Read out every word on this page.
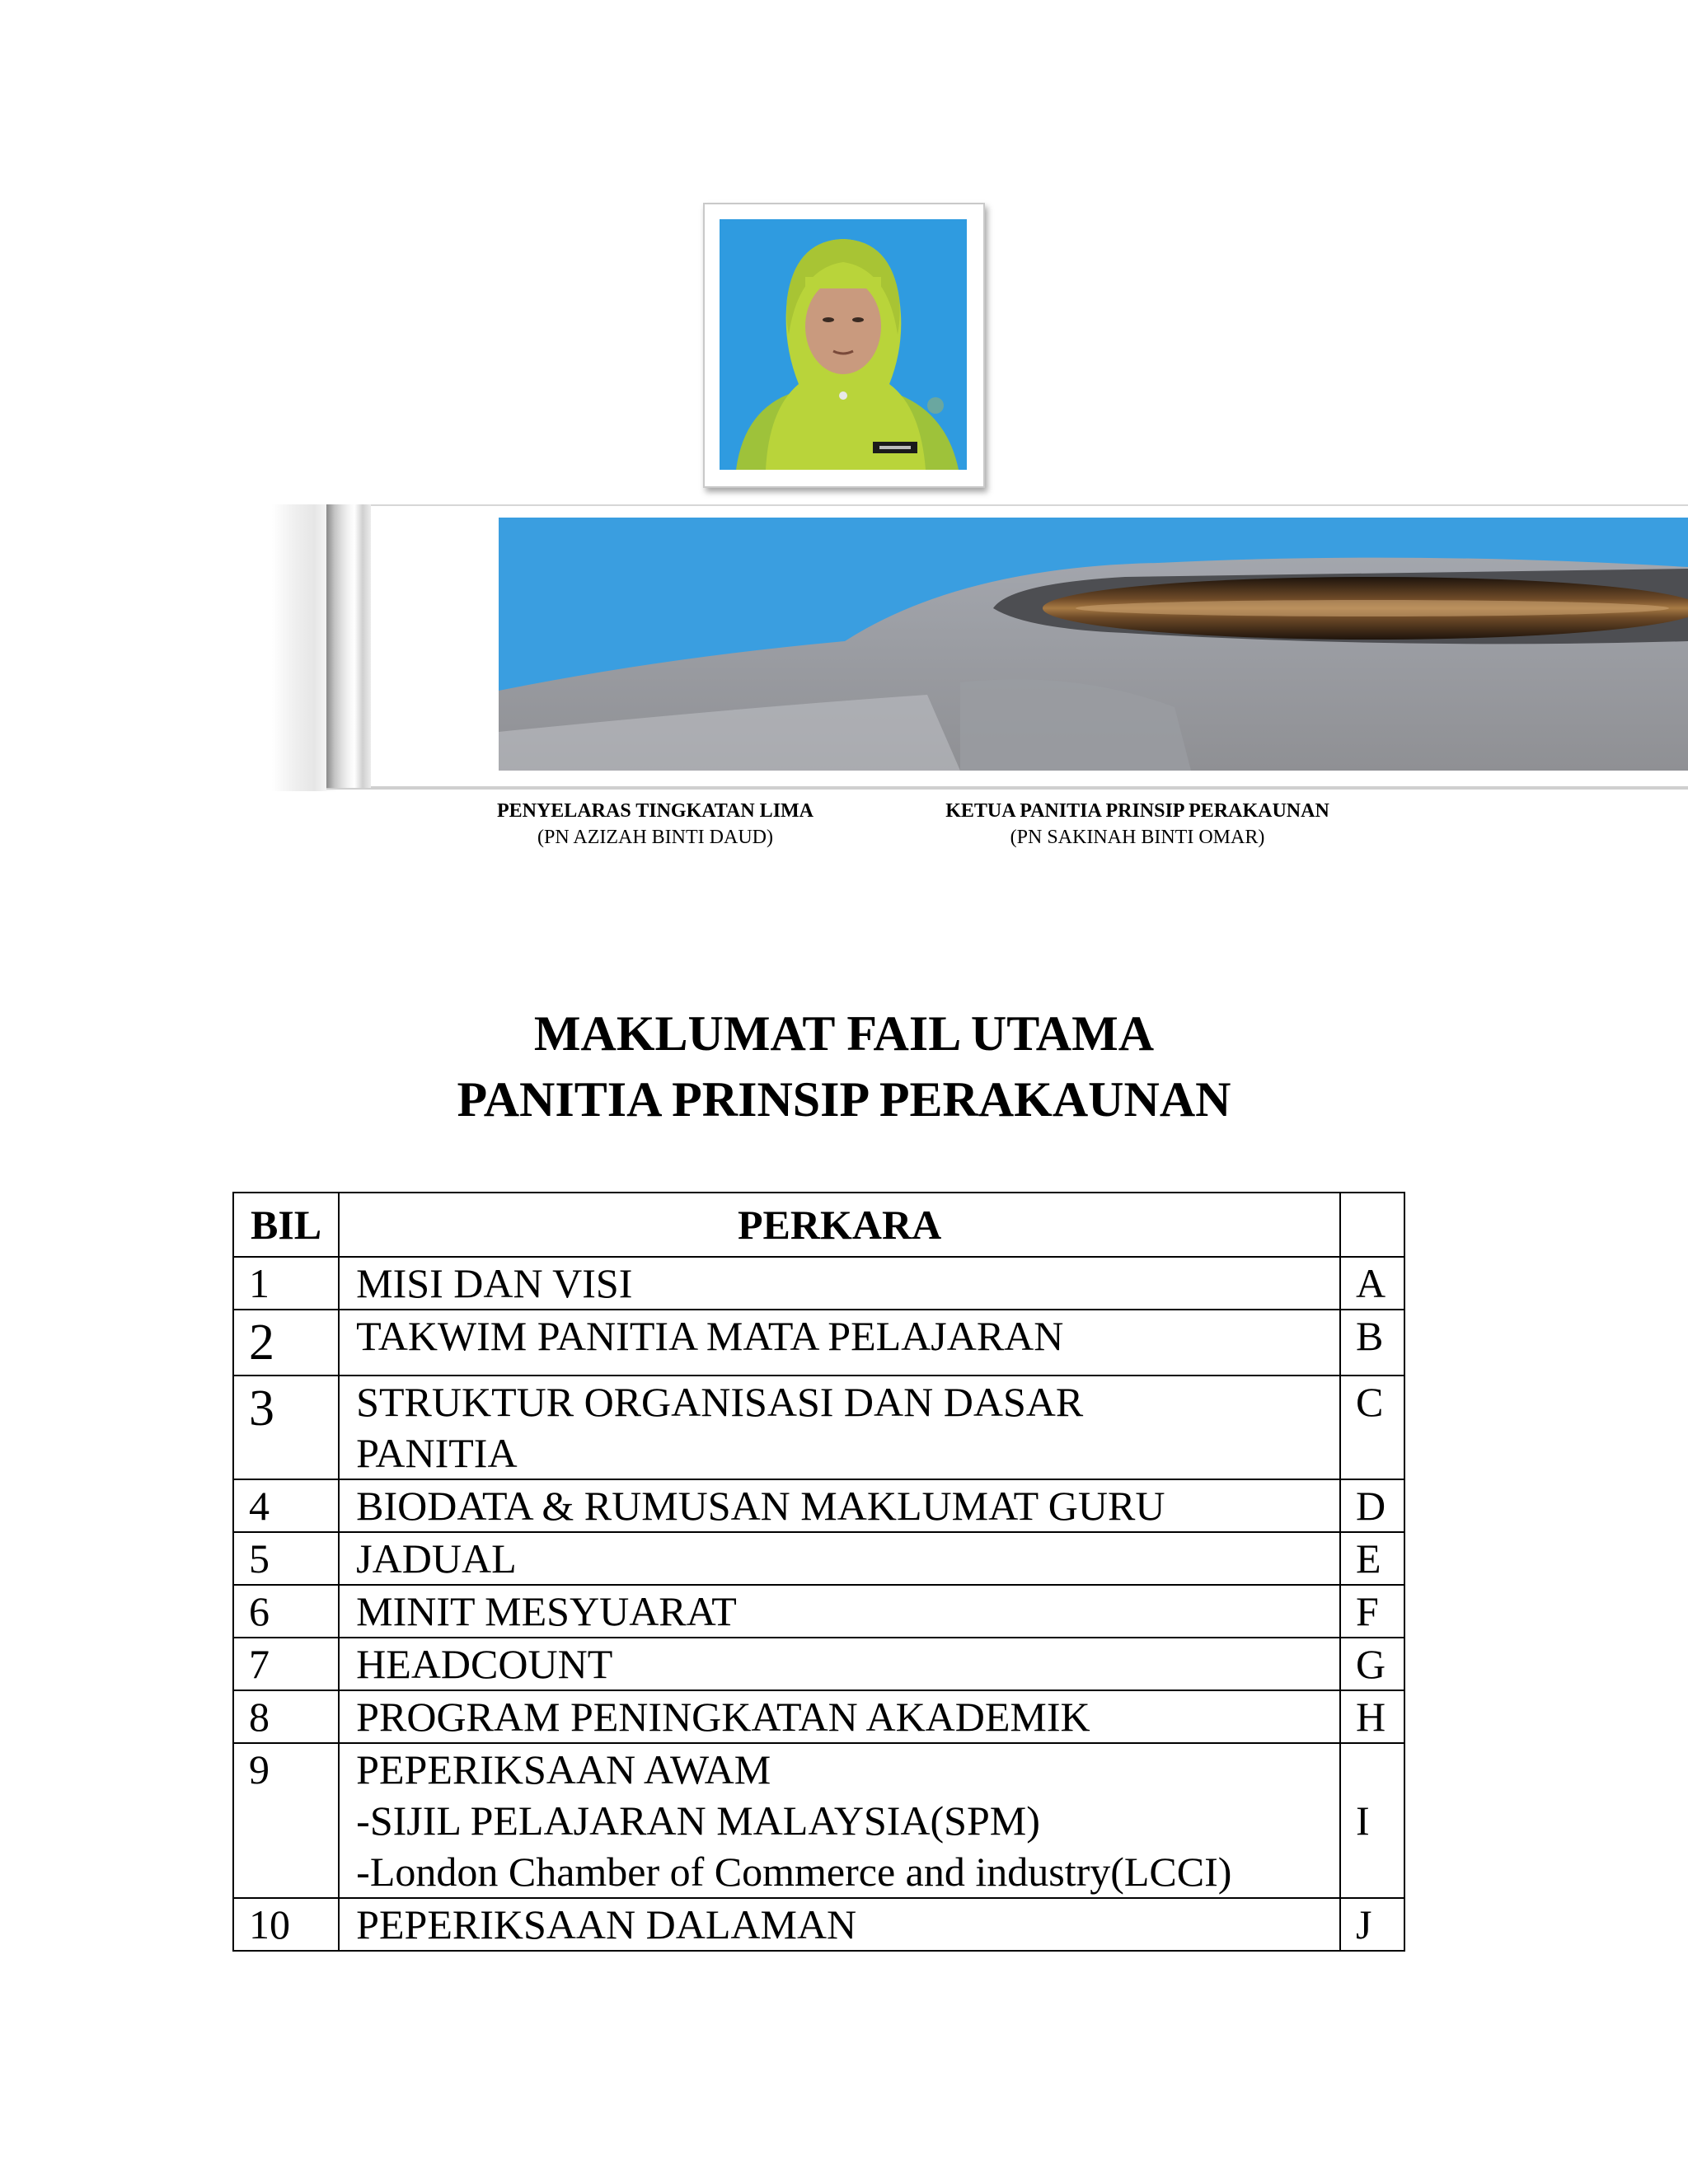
PENYELARAS TINGKATAN LIMA
(PN AZIZAH BINTI DAUD)
KETUA PANITIA PRINSIP PERAKAUNAN
(PN SAKINAH BINTI OMAR)
MAKLUMAT FAIL UTAMA
PANITIA PRINSIP PERAKAUNAN
BIL	PERKARA	
1	MISI DAN VISI	A
2	TAKWIM PANITIA MATA PELAJARAN	B
3	STRUKTUR ORGANISASI DAN DASAR
PANITIA	C
4	BIODATA & RUMUSAN MAKLUMAT GURU	D
5	JADUAL	E
6	MINIT MESYUARAT	F
7	HEADCOUNT	G
8	PROGRAM PENINGKATAN AKADEMIK	H
9	PEPERIKSAAN AWAM
-SIJIL PELAJARAN MALAYSIA(SPM)
-London Chamber of Commerce and industry(LCCI)	I
10	PEPERIKSAAN DALAMAN	J
